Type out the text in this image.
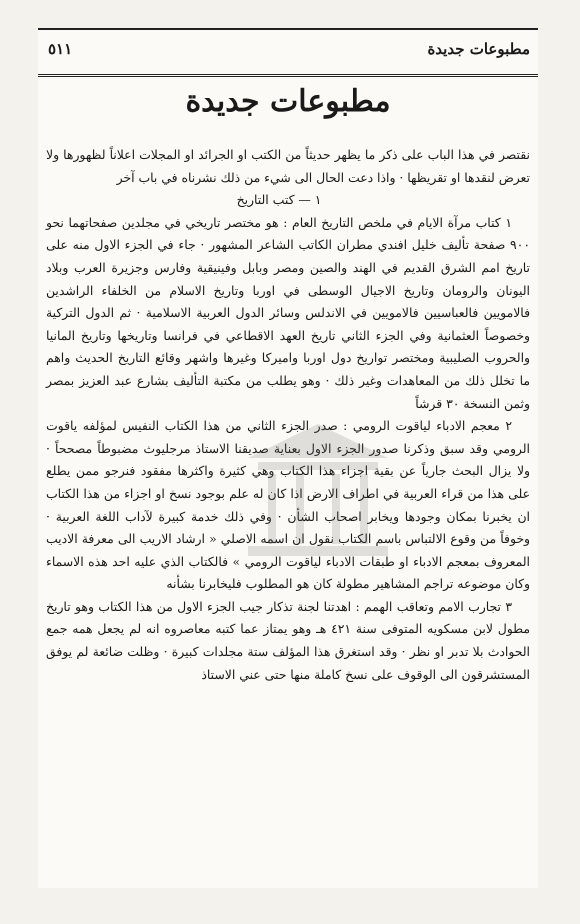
مطبوعات جديدة
٥١١
مطبوعات جديدة

نقتصر في هذا الباب على ذكر ما يظهر حديثاً من الكتب او الجرائد او المجلات اعلاناً لظهورها ولا تعرض لنقدها او تقريظها · واذا دعت الحال الى شيء من ذلك نشرناه في باب آخر

١ — كتب التاريخ

١ كتاب مرآة الايام في ملخص التاريخ العام : هو مختصر تاريخي في مجلدين صفحاتهما نحو ٩٠٠ صفحة تأليف خليل افندي مطران الكاتب الشاعر المشهور · جاء في الجزء الاول منه على تاريخ امم الشرق القديم في الهند والصين ومصر وبابل وفينيقية وفارس وجزيرة العرب وبلاد اليونان والرومان وتاريخ الاجيال الوسطى في اوربا وتاريخ الاسلام من الخلفاء الراشدين فالامويين فالعباسيين فالامويين في الاندلس وسائر الدول العربية الاسلامية · ثم الدول التركية وخصوصاً العثمانية وفي الجزء الثاني تاريخ العهد الاقطاعي في فرانسا وتاريخها وتاريخ المانيا والحروب الصليبية ومختصر تواريخ دول اوربا واميركا وغيرها واشهر وقائع التاريخ الحديث واهم ما تخلل ذلك من المعاهدات وغير ذلك · وهو يطلب من مكتبة التأليف بشارع عبد العزيز بمصر وثمن النسخة ٣٠ قرشاً

٢ معجم الادباء لياقوت الرومي : صدر الجزء الثاني من هذا الكتاب النفيس لمؤلفه ياقوت الرومي وقد سبق وذكرنا صدور الجزء الاول بعناية صديقنا الاستاذ مرجليوث مضبوطاً مصححاً · ولا يزال البحث جارياً عن بقية اجزاء هذا الكتاب وهي كثيرة واكثرها مفقود فنرجو ممن يطلع على هذا من قراء العربية في اطراف الارض اذا كان له علم بوجود نسخ او اجزاء من هذا الكتاب ان يخبرنا بمكان وجودها ويخابر اصحاب الشأن · وفي ذلك خدمة كبيرة لآداب اللغة العربية · وخوفاً من وقوع الالتباس باسم الكتاب نقول ان اسمه الاصلي « ارشاد الاريب الى معرفة الاديب المعروف بمعجم الادباء او طبقات الادباء لياقوت الرومي » فالكتاب الذي عليه احد هذه الاسماء وكان موضوعه تراجم المشاهير مطولة كان هو المطلوب فليخابرنا بشأنه

٣ تجارب الامم وتعاقب الهمم : اهدتنا لجنة تذكار جيب الجزء الاول من هذا الكتاب وهو تاريخ مطول لابن مسكويه المتوفى سنة ٤٢١ هـ وهو يمتاز عما كتبه معاصروه انه لم يجعل همه جمع الحوادث بلا تدبر او نظر · وقد استغرق هذا المؤلف ستة مجلدات كبيرة · وظلت ضائعة لم يوفق المستشرقون الى الوقوف على نسخ كاملة منها حتى عني الاستاذ
